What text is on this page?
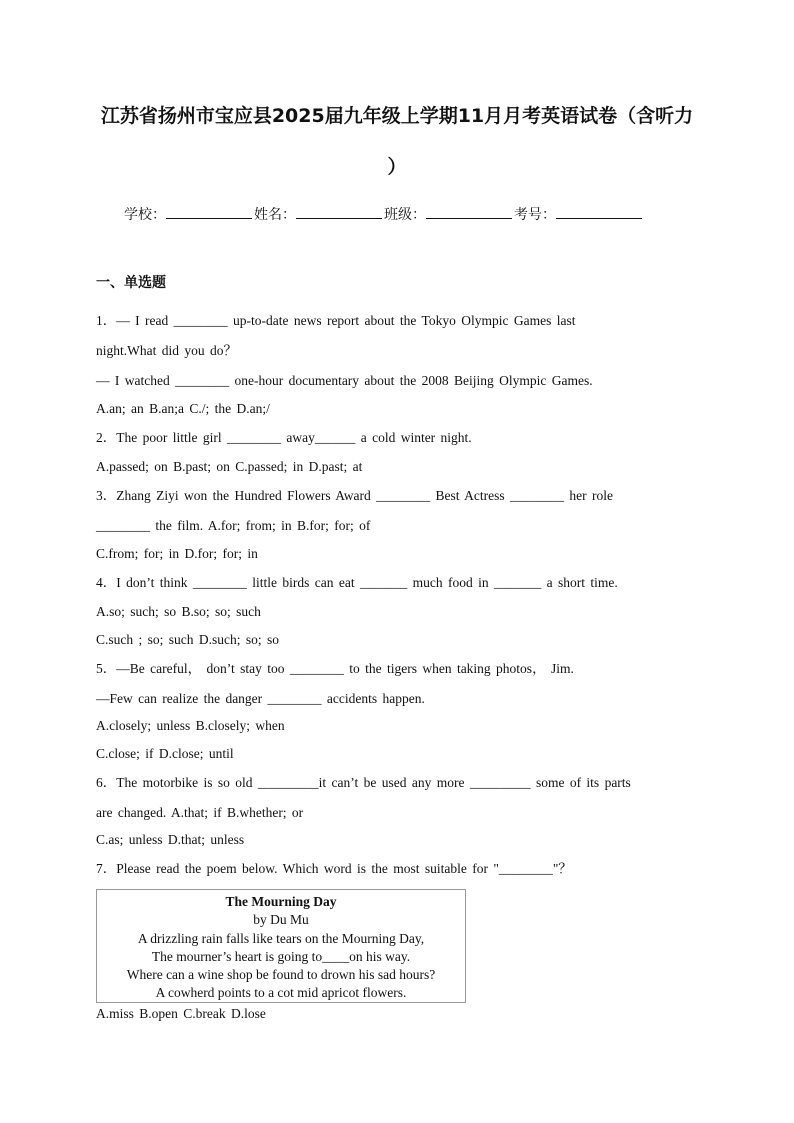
江苏省扬州市宝应县2025届九年级上学期11月月考英语试卷（含听力
）
学校：	姓名：	班级：	考号：
一、单选题
1．— I read ________ up-to-date news report about the Tokyo Olympic Games last
night.What did you do？
— I watched ________ one-hour documentary about the 2008 Beijing Olympic Games.
A.an; an B.an;a C./; the D.an;/
2．The poor little girl ________ away______ a cold winter night.
A.passed; on B.past; on C.passed; in D.past; at
3．Zhang Ziyi won the Hundred Flowers Award ________ Best Actress ________ her role
________ the film. A.for; from; in B.for; for; of
C.from; for; in D.for; for; in
4．I don’t think ________ little birds can eat _______ much food in _______ a short time.
A.so; such; so B.so; so; such
C.such ; so; such D.such; so; so
5．—Be careful， don’t stay too ________ to the tigers when taking photos， Jim.
—Few can realize the danger ________ accidents happen.
A.closely; unless B.closely; when
C.close; if D.close; until
6．The motorbike is so old _________it can’t be used any more _________ some of its parts
are changed. A.that; if B.whether; or
C.as; unless D.that; unless
7．Please read the poem below. Which word is the most suitable for "________"？
The Mourning Day
by Du Mu
A drizzling rain falls like tears on the Mourning Day,
The mourner’s heart is going to____on his way.
Where can a wine shop be found to drown his sad hours?
A cowherd points to a cot mid apricot flowers.
A.miss B.open C.break D.lose
